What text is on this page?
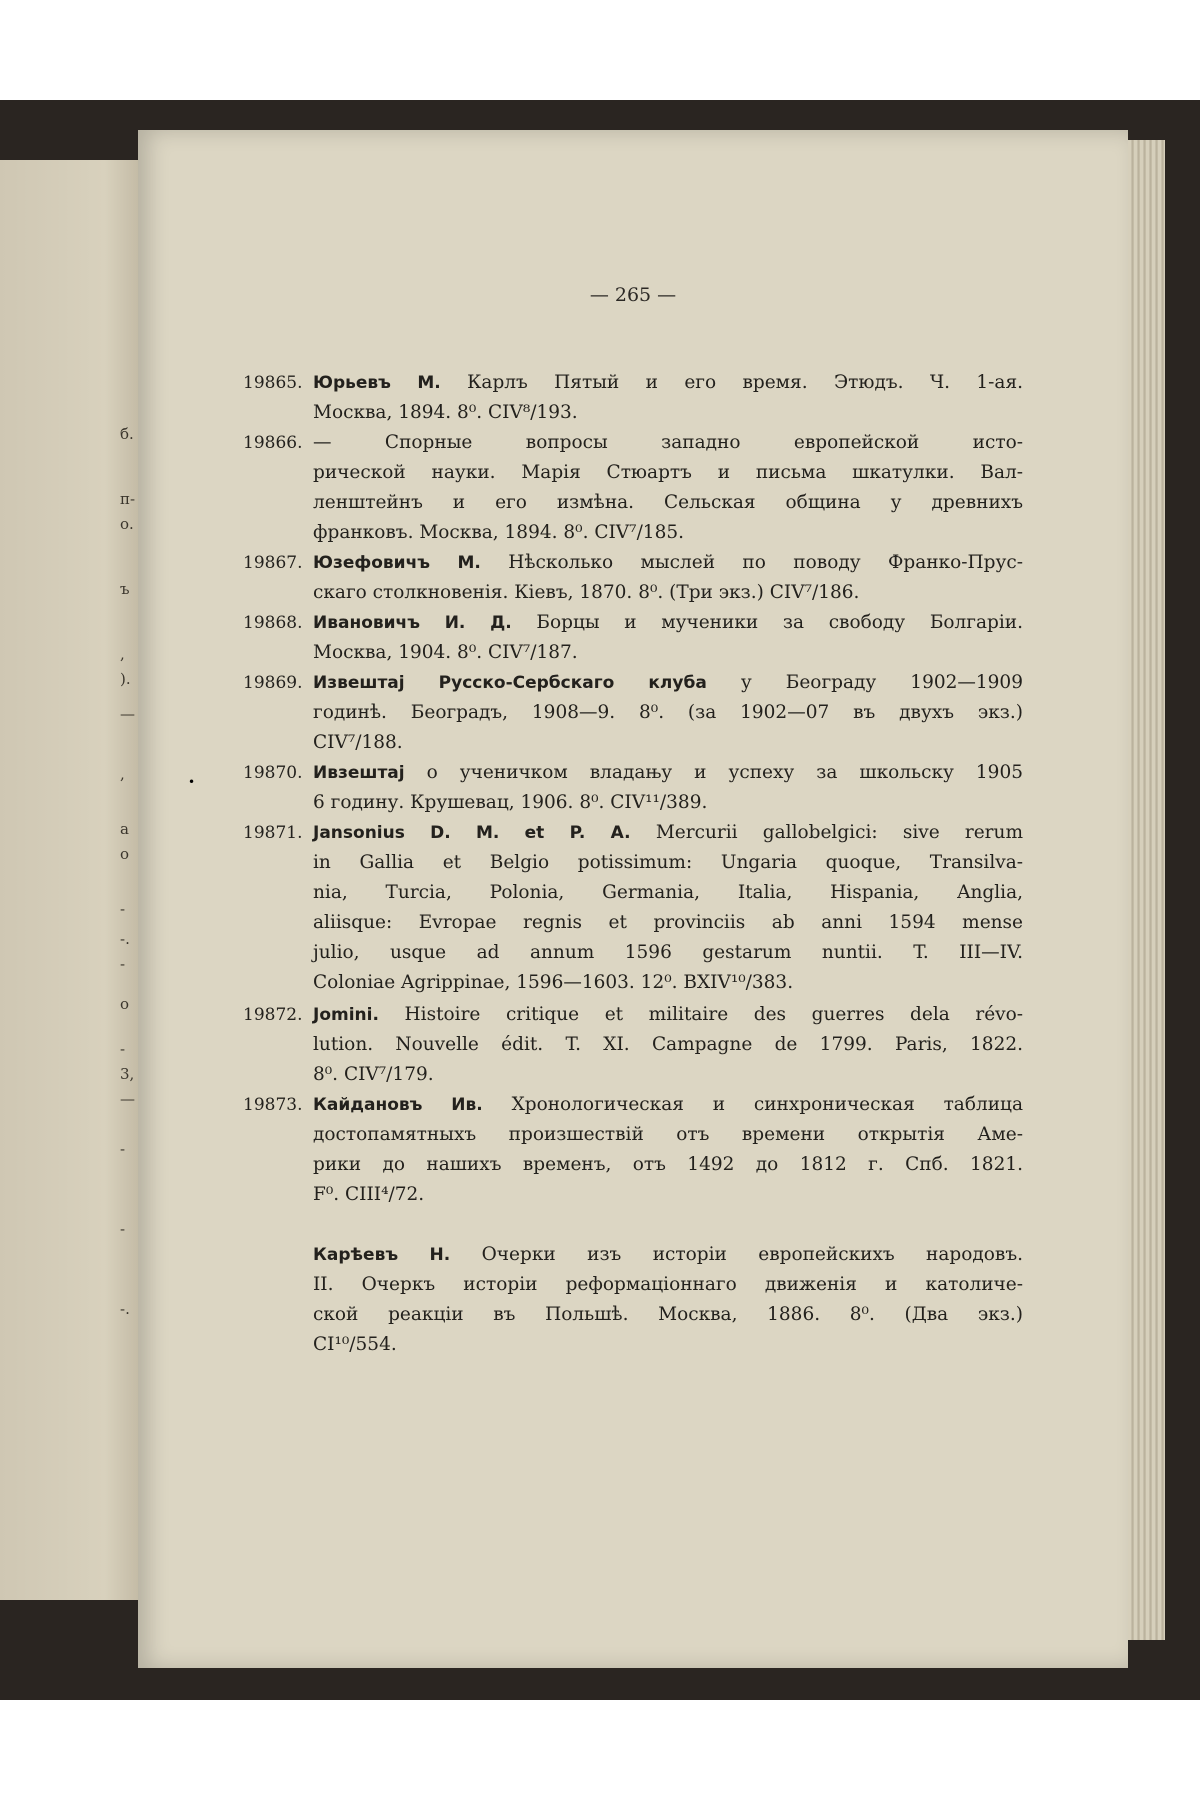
б.
п-
о.
ъ
,
).
—
,
а
о
-
-.
-
о
-
3,
—
-
-
-.
— 265 —
19865. Юрьевъ М. Карлъ Пятый и его время. Этюдъ. Ч. 1-ая.
Москва, 1894. 8⁰. CIV⁸/193.
19866. — Спорные вопросы западно европейской исто-
рической науки. Марія Стюартъ и письма шкатулки. Вал-
ленштейнъ и его измѣна. Сельская община у древнихъ
франковъ. Москва, 1894. 8⁰. CIV⁷/185.
19867. Юзефовичъ М. Нѣсколько мыслей по поводу Франко-Прус-
скаго столкновенія. Кіевъ, 1870. 8⁰. (Три экз.) CIV⁷/186.
19868. Ивановичъ И. Д. Борцы и мученики за свободу Болгаріи.
Москва, 1904. 8⁰. CIV⁷/187.
19869. Извештај Русско-Сербскаго клуба у Београду 1902—1909
годинѣ. Београдъ, 1908—9. 8⁰. (за 1902—07 въ двухъ экз.)
CIV⁷/188.
19870. Ивзештај о ученичком владању и успеху за школьску 1905
6 годину. Крушевац, 1906. 8⁰. CIV¹¹/389.
19871. Jansonius D. M. et P. A. Mercurii gallobelgici: sive rerum
in Gallia et Belgio potissimum: Ungaria quoque, Transilva-
nia, Turcia, Polonia, Germania, Italia, Hispania, Anglia,
aliisque: Evropae regnis et provinciis ab anni 1594 mense
julio, usque ad annum 1596 gestarum nuntii. T. III—IV.
Coloniae Agrippinae, 1596—1603. 12⁰. BXIV¹⁰/383.
19872. Jomini. Histoire critique et militaire des guerres dela révo-
lution. Nouvelle édit. T. XI. Campagne de 1799. Paris, 1822.
8⁰. CIV⁷/179.
19873. Кайдановъ Ив. Хронологическая и синхроническая таблица
достопамятныхъ произшествій отъ времени открытія Аме-
рики до нашихъ временъ, отъ 1492 до 1812 г. Спб. 1821.
F⁰. CIII⁴/72.
Карѣевъ Н. Очерки изъ исторіи европейскихъ народовъ.
II. Очеркъ исторіи реформаціоннаго движенія и католиче-
ской реакціи въ Польшѣ. Москва, 1886. 8⁰. (Два экз.)
CI¹⁰/554.
•
